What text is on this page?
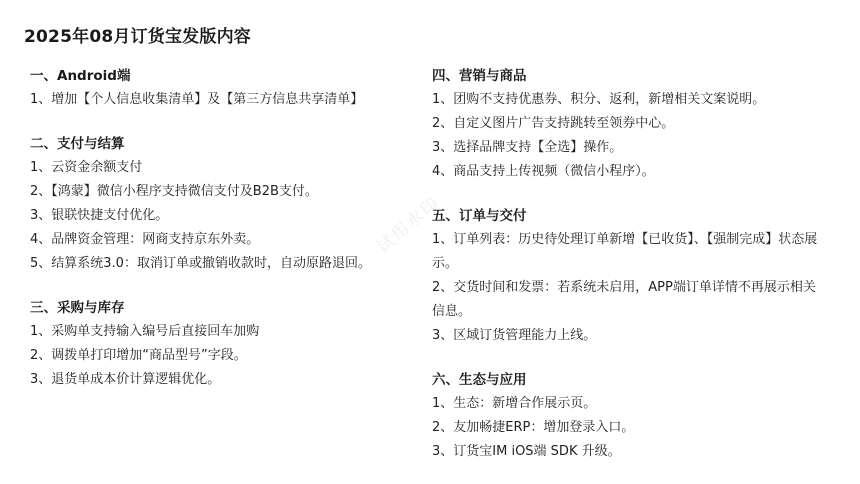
2025年08月订货宝发版内容
一、Android端
1、增加【个人信息收集清单】及【第三方信息共享清单】
二、支付与结算
1、云资金余额支付
2、【鸿蒙】微信小程序支持微信支付及B2B支付。
3、银联快捷支付优化。
4、品牌资金管理：网商支持京东外卖。
5、结算系统3.0：取消订单或撤销收款时，自动原路退回。
三、采购与库存
1、采购单支持输入编号后直接回车加购
2、调拨单打印增加“商品型号”字段。
3、退货单成本价计算逻辑优化。
四、营销与商品
1、团购不支持优惠券、积分、返利，新增相关文案说明。
2、自定义图片广告支持跳转至领券中心。
3、选择品牌支持【全选】操作。
4、商品支持上传视频（微信小程序）。
五、订单与交付
1、订单列表：历史待处理订单新增【已收货】、【强制完成】状态展示。
2、交货时间和发票：若系统未启用，APP端订单详情不再展示相关信息。
3、区域订货管理能力上线。
六、生态与应用
1、生态：新增合作展示页。
2、友加畅捷ERP：增加登录入口。
3、订货宝IM iOS端 SDK 升级。
试用水印
